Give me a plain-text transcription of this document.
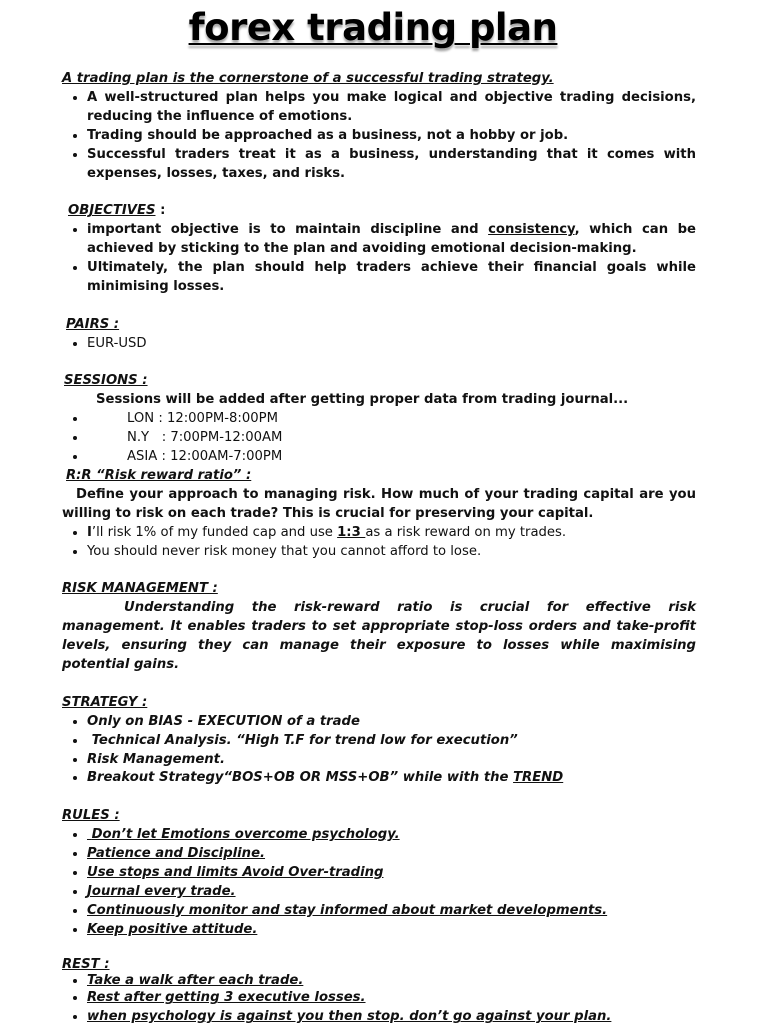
forex trading plan

A trading plan is the cornerstone of a successful trading strategy.

• A well-structured plan helps you make logical and objective trading decisions, reducing the influence of emotions.
• Trading should be approached as a business, not a hobby or job.
• Successful traders treat it as a business, understanding that it comes with expenses, losses, taxes, and risks.

OBJECTIVES :

• important objective is to maintain discipline and consistency, which can be achieved by sticking to the plan and avoiding emotional decision-making.
• Ultimately, the plan should help traders achieve their financial goals while minimising losses.

PAIRS :

• EUR-USD

SESSIONS :

Sessions will be added after getting proper data from trading journal...

• LON : 12:00PM-8:00PM
• N.Y   : 7:00PM-12:00AM
• ASIA : 12:00AM-7:00PM

R:R “Risk reward ratio” :

Define your approach to managing risk. How much of your trading capital are you willing to risk on each trade? This is crucial for preserving your capital.

• I’ll risk 1% of my funded cap and use 1:3 as a risk reward on my trades.
• You should never risk money that you cannot afford to lose.

RISK MANAGEMENT :

Understanding the risk-reward ratio is crucial for effective risk management. It enables traders to set appropriate stop-loss orders and take-profit levels, ensuring they can manage their exposure to losses while maximising potential gains.

STRATEGY :

• Only on BIAS - EXECUTION of a trade
•  Technical Analysis. “High T.F for trend low for execution”
• Risk Management.
• Breakout Strategy“BOS+OB OR MSS+OB” while with the TREND

RULES :

•  Don’t let Emotions overcome psychology.
• Patience and Discipline.
• Use stops and limits Avoid Over-trading
• Journal every trade.
• Continuously monitor and stay informed about market developments.
• Keep positive attitude.

REST :

• Take a walk after each trade.
• Rest after getting 3 executive losses.
• when psychology is against you then stop. don’t go against your plan.
